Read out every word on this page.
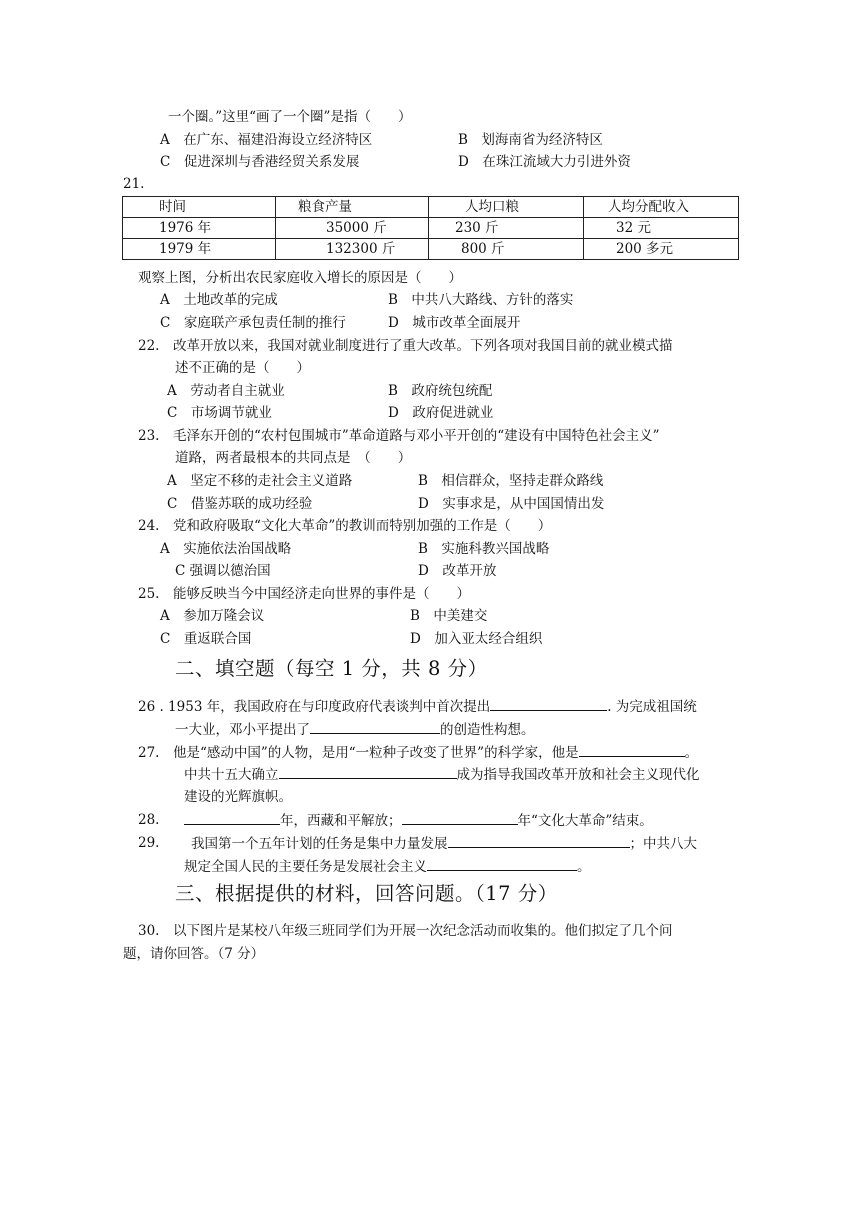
一个圈。”这里“画了一个圈”是指（　　）
A　在广东、福建沿海设立经济特区	B　划海南省为经济特区
C　促进深圳与香港经贸关系发展	D　在珠江流域大力引进外资
21.
时间	粮食产量	人均口粮	人均分配收入
1976 年	35000 斤	230 斤	32 元
1979 年	132300 斤	800 斤	200 多元
观察上图，分析出农民家庭收入增长的原因是（　　）
A　土地改革的完成	B　中共八大路线、方针的落实
C　家庭联产承包责任制的推行	D　城市改革全面展开
22.　改革开放以来，我国对就业制度进行了重大改革。下列各项对我国目前的就业模式描
述不正确的是（　　）
A　劳动者自主就业	B　政府统包统配
C　市场调节就业	D　政府促进就业
23.　毛泽东开创的“农村包围城市”革命道路与邓小平开创的“建设有中国特色社会主义”
道路，两者最根本的共同点是　（　　）
A　坚定不移的走社会主义道路	B　相信群众，坚持走群众路线
C　借鉴苏联的成功经验	D　实事求是，从中国国情出发
24.　党和政府吸取“文化大革命”的教训而特别加强的工作是（　　）
A　实施依法治国战略	B　实施科教兴国战略
C 强调以德治国	D　改革开放
25.　能够反映当今中国经济走向世界的事件是（　　）
A　参加万隆会议	B　中美建交
C　重返联合国	D　加入亚太经合组织
二、填空题（每空 1 分，共 8 分）
26 . 1953 年，我国政府在与印度政府代表谈判中首次提出	. 为完成祖国统
一大业，邓小平提出了	的创造性构想。
27.　他是“感动中国”的人物，是用“一粒种子改变了世界”的科学家，他是	。
中共十五大确立	成为指导我国改革开放和社会主义现代化
建设的光辉旗帜。
28.	年，西藏和平解放；	年“文化大革命”结束。
29. 我国第一个五年计划的任务是集中力量发展	；中共八大
规定全国人民的主要任务是发展社会主义	。
三、根据提供的材料，回答问题。（17 分）
30.　以下图片是某校八年级三班同学们为开展一次纪念活动而收集的。他们拟定了几个问
题，请你回答。（7 分）
